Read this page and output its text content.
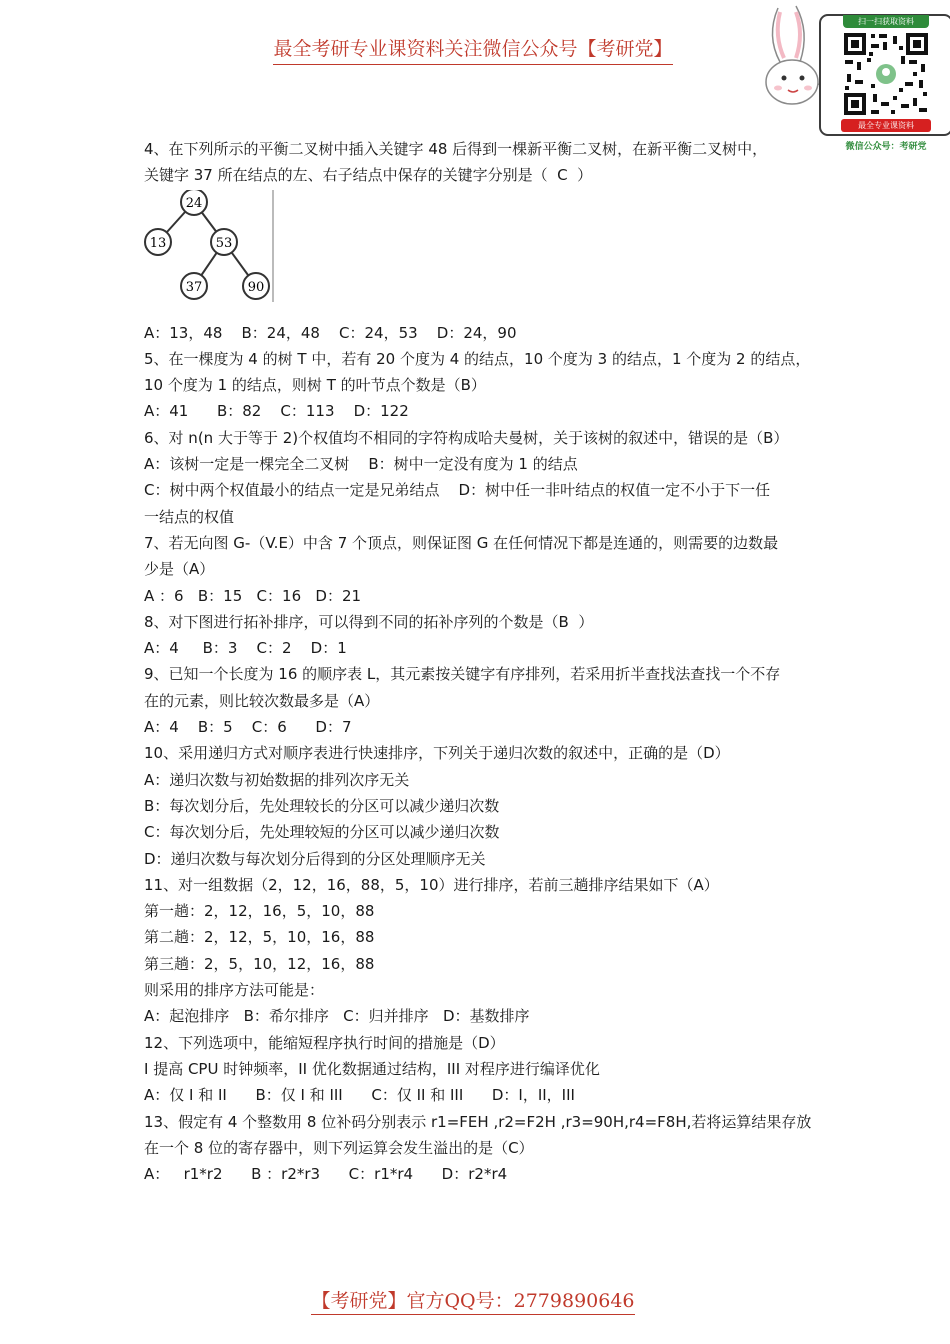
最全考研专业课资料关注微信公众号【考研党】
扫一扫获取资料
最全专业课资料
微信公众号：考研党
24
13	53
37	90

4、在下列所示的平衡二叉树中插入关键字 48 后得到一棵新平衡二叉树，在新平衡二叉树中，

关键字 37 所在结点的左、右子结点中保存的关键字分别是（  C  ）

A：13，48    B：24，48    C：24，53    D：24，90

5、在一棵度为 4 的树 T 中，若有 20 个度为 4 的结点，10 个度为 3 的结点，1 个度为 2 的结点，

10 个度为 1 的结点，则树 T 的叶节点个数是（B）

A：41      B：82    C：113    D：122

6、对 n(n 大于等于 2)个权值均不相同的字符构成哈夫曼树，关于该树的叙述中，错误的是（B）

A：该树一定是一棵完全二叉树    B：树中一定没有度为 1 的结点

C：树中两个权值最小的结点一定是兄弟结点    D：树中任一非叶结点的权值一定不小于下一任

一结点的权值

7、若无向图 G-（V.E）中含 7 个顶点，则保证图 G 在任何情况下都是连通的，则需要的边数最

少是（A）

A ：6   B：15   C：16   D：21

8、对下图进行拓补排序，可以得到不同的拓补序列的个数是（B  ）

A：4     B：3    C：2    D：1

9、已知一个长度为 16 的顺序表 L，其元素按关键字有序排列，若采用折半查找法查找一个不存

在的元素，则比较次数最多是（A）

A：4    B：5    C：6      D：7

10、采用递归方式对顺序表进行快速排序，下列关于递归次数的叙述中，正确的是（D）

A：递归次数与初始数据的排列次序无关

B：每次划分后，先处理较长的分区可以减少递归次数

C：每次划分后，先处理较短的分区可以减少递归次数

D：递归次数与每次划分后得到的分区处理顺序无关

11、对一组数据（2，12，16，88，5，10）进行排序，若前三趟排序结果如下（A）

第一趟：2，12，16，5，10，88

第二趟：2，12，5，10，16，88

第三趟：2，5，10，12，16，88

则采用的排序方法可能是：

A：起泡排序   B：希尔排序   C：归并排序   D：基数排序

12、下列选项中，能缩短程序执行时间的措施是（D）

I 提高 CPU 时钟频率，II 优化数据通过结构，III 对程序进行编译优化

A：仅 I 和 II      B：仅 I 和 III      C：仅 II 和 III      D：I，II，III

13、假定有 4 个整数用 8 位补码分别表示 r1=FEH ,r2=F2H ,r3=90H,r4=F8H,若将运算结果存放

在一个 8 位的寄存器中，则下列运算会发生溢出的是（C）

A：   r1*r2      B ：r2*r3      C：r1*r4      D：r2*r4

【考研党】官方QQ号：2779890646
